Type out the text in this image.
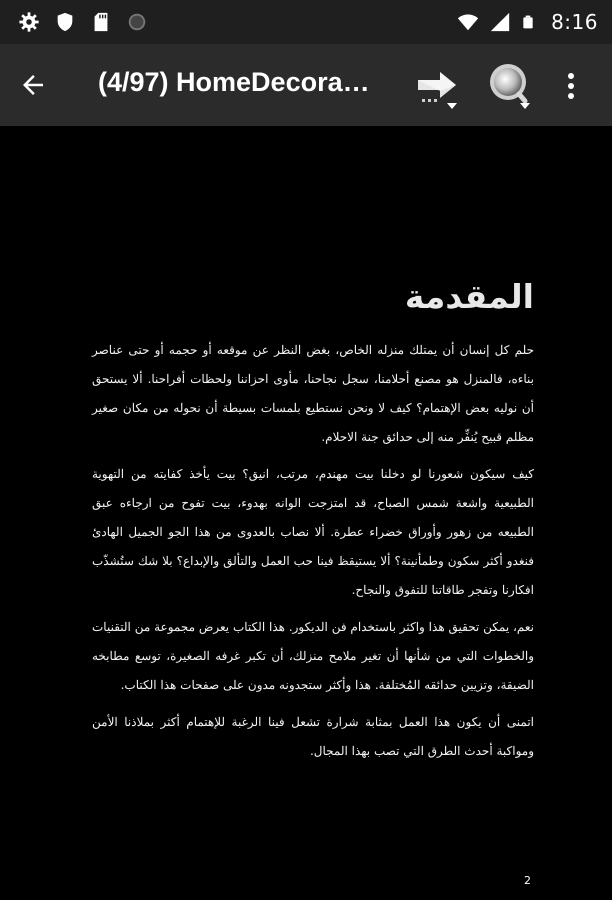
8:16
(4/97) HomeDecora…
المقدمة

حلم كل إنسان أن يمتلك منزله الخاص، بغض النظر عن موقعه أو حجمه أو حتى عناصر بناءه، فالمنزل هو مصنع أحلامنا، سجل نجاحنا، مأوى احزاننا ولحظات أفراحنا. ألا يستحق أن نوليه بعض الإهتمام؟ كيف لا ونحن نستطيع بلمسات بسيطة أن نحوله من مكان صغير مظلم قبيح يُنفِّر منه إلى حدائق جنة الاحلام.

كيف سيكون شعورنا لو دخلنا بيت مهندم، مرتب، انيق؟ بيت يأخذ كفايته من التهوية الطبيعية واشعة شمس الصباح، قد امتزجت الوانه بهدوء، بيت تفوح من ارجاءه عبق الطبيعه من زهور وأوراق خضراء عطرة. ألا نصاب بالعدوى من هذا الجو الجميل الهادئ فنغدو أكثر سكون وطمأنينة؟ ألا يستيقظ فينا حب العمل والتألق والإبداع؟ بلا شك ستُشذّب افكارنا وتفجر طاقاتنا للتفوق والنجاح.

نعم، يمكن تحقيق هذا واكثر باستخدام فن الديكور. هذا الكتاب يعرض مجموعة من التقنيات والخطوات التي من شأنها أن تغير ملامح منزلك، أن تكبر غرفه الصغيرة، توسع مطابخه الضيقة، وتزيين حدائقه المُختلفة. هذا وأكثر ستجدونه مدون على صفحات هذا الكتاب.

اتمنى أن يكون هذا العمل بمثابة شرارة تشعل فينا الرغبة للإهتمام أكثر بملاذنا الأمن ومواكبة أحدث الطرق التي تصب بهذا المجال.

2
